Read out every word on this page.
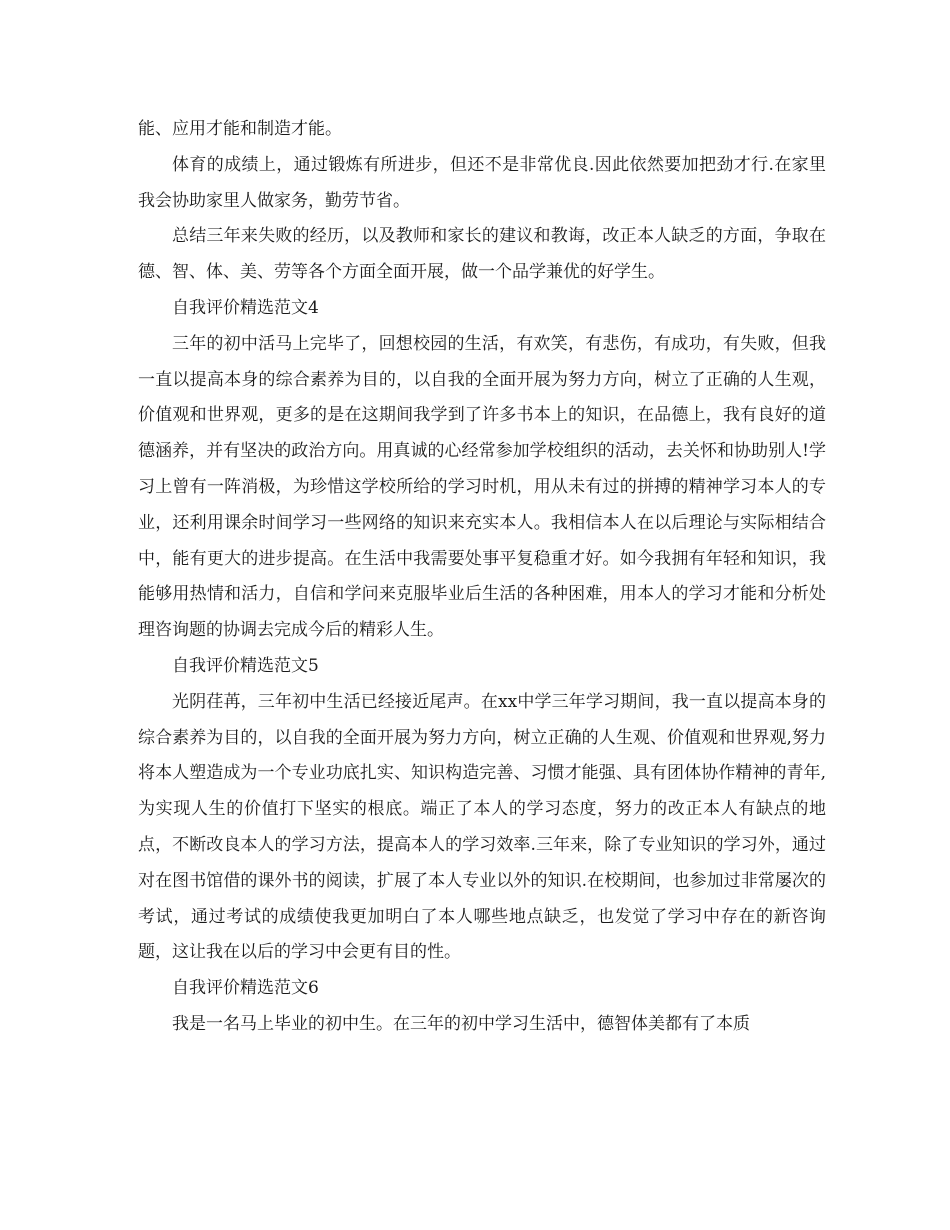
能、应用才能和制造才能。

体育的成绩上，通过锻炼有所进步，但还不是非常优良.因此依然要加把劲才行.在家里我会协助家里人做家务，勤劳节省。

总结三年来失败的经历，以及教师和家长的建议和教诲，改正本人缺乏的方面，争取在德、智、体、美、劳等各个方面全面开展，做一个品学兼优的好学生。

自我评价精选范文4

三年的初中活马上完毕了，回想校园的生活，有欢笑，有悲伤，有成功，有失败，但我一直以提高本身的综合素养为目的，以自我的全面开展为努力方向，树立了正确的人生观，价值观和世界观，更多的是在这期间我学到了许多书本上的知识，在品德上，我有良好的道德涵养，并有坚决的政治方向。用真诚的心经常参加学校组织的活动，去关怀和协助别人!学习上曾有一阵消极，为珍惜这学校所给的学习时机，用从未有过的拼搏的精神学习本人的专业，还利用课余时间学习一些网络的知识来充实本人。我相信本人在以后理论与实际相结合中，能有更大的进步提高。在生活中我需要处事平复稳重才好。如今我拥有年轻和知识，我能够用热情和活力，自信和学问来克服毕业后生活的各种困难，用本人的学习才能和分析处理咨询题的协调去完成今后的精彩人生。

自我评价精选范文5

光阴荏苒，三年初中生活已经接近尾声。在xx中学三年学习期间，我一直以提高本身的综合素养为目的，以自我的全面开展为努力方向，树立正确的人生观、价值观和世界观,努力将本人塑造成为一个专业功底扎实、知识构造完善、习惯才能强、具有团体协作精神的青年,为实现人生的价值打下坚实的根底。端正了本人的学习态度，努力的改正本人有缺点的地点，不断改良本人的学习方法，提高本人的学习效率.三年来，除了专业知识的学习外，通过对在图书馆借的课外书的阅读，扩展了本人专业以外的知识.在校期间，也参加过非常屡次的考试，通过考试的成绩使我更加明白了本人哪些地点缺乏，也发觉了学习中存在的新咨询题，这让我在以后的学习中会更有目的性。

自我评价精选范文6

我是一名马上毕业的初中生。在三年的初中学习生活中，德智体美都有了本质
